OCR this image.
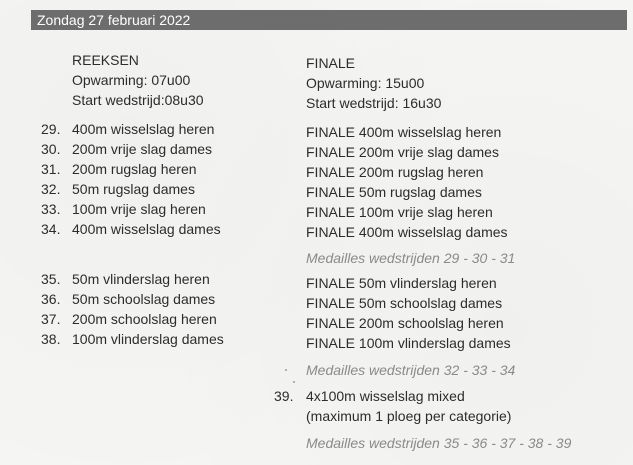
Zondag 27 februari 2022
REEKSEN
Opwarming: 07u00
Start wedstrijd:08u30
29. 400m wisselslag heren
30. 200m vrije slag dames
31. 200m rugslag heren
32. 50m rugslag dames
33. 100m vrije slag heren
34. 400m wisselslag dames
35. 50m vlinderslag heren
36. 50m schoolslag dames
37. 200m schoolslag heren
38. 100m vlinderslag dames
FINALE
Opwarming: 15u00
Start wedstrijd: 16u30
FINALE 400m wisselslag heren
FINALE 200m vrije slag dames
FINALE 200m rugslag heren
FINALE 50m rugslag dames
FINALE 100m vrije slag heren
FINALE 400m wisselslag dames
Medailles wedstrijden 29 - 30 - 31
FINALE 50m vlinderslag heren
FINALE 50m schoolslag dames
FINALE 200m schoolslag heren
FINALE 100m vlinderslag dames
Medailles wedstrijden 32 - 33 - 34
39. 4x100m wisselslag mixed
(maximum 1 ploeg per categorie)
Medailles wedstrijden 35 - 36 - 37 - 38 - 39
